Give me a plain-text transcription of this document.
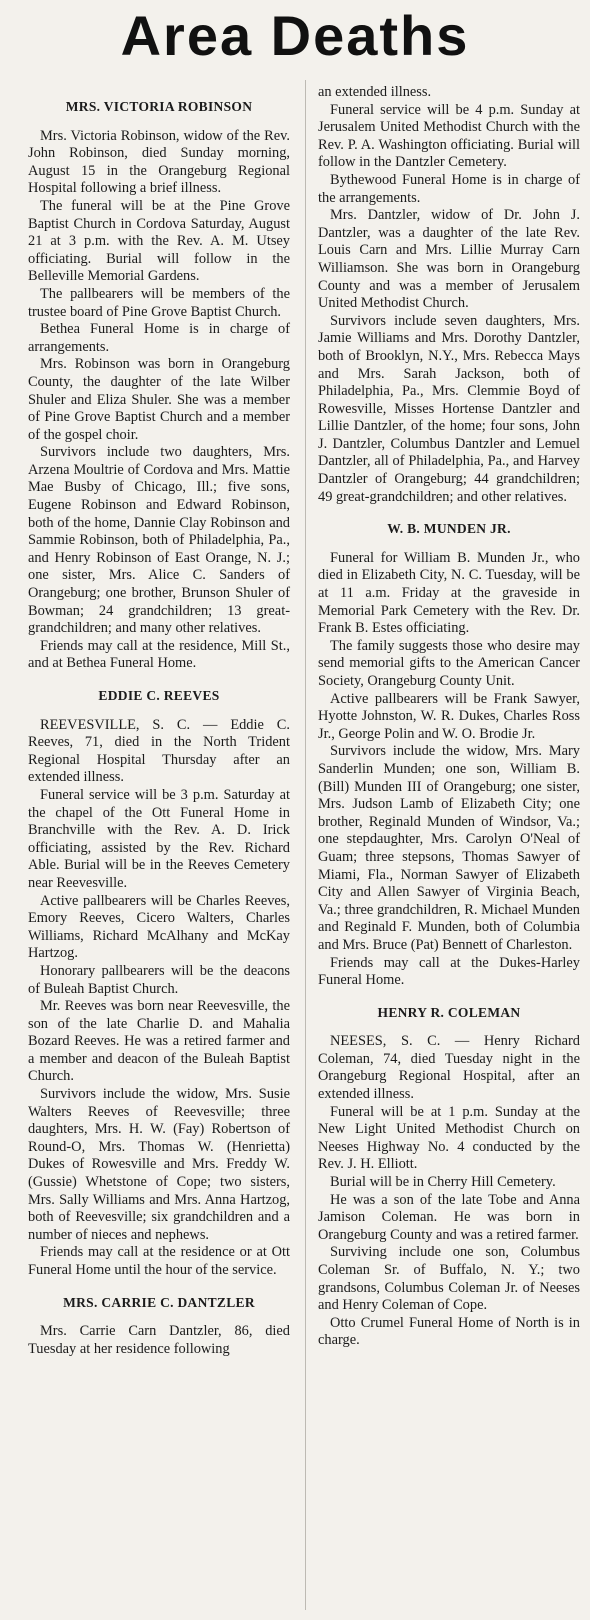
Area Deaths
MRS. VICTORIA ROBINSON

Mrs. Victoria Robinson, widow of the Rev. John Robinson, died Sunday morning, August 15 in the Orangeburg Regional Hospital following a brief illness.

The funeral will be at the Pine Grove Baptist Church in Cordova Saturday, August 21 at 3 p.m. with the Rev. A. M. Utsey officiating. Burial will follow in the Belleville Memorial Gardens.

The pallbearers will be members of the trustee board of Pine Grove Baptist Church.

Bethea Funeral Home is in charge of arrangements.

Mrs. Robinson was born in Orangeburg County, the daughter of the late Wilber Shuler and Eliza Shuler. She was a member of Pine Grove Baptist Church and a member of the gospel choir.

Survivors include two daughters, Mrs. Arzena Moultrie of Cordova and Mrs. Mattie Mae Busby of Chicago, Ill.; five sons, Eugene Robinson and Edward Robinson, both of the home, Dannie Clay Robinson and Sammie Robinson, both of Philadelphia, Pa., and Henry Robinson of East Orange, N. J.; one sister, Mrs. Alice C. Sanders of Orangeburg; one brother, Brunson Shuler of Bowman; 24 grandchildren; 13 great-grandchildren; and many other relatives.

Friends may call at the residence, Mill St., and at Bethea Funeral Home.

EDDIE C. REEVES

REEVESVILLE, S. C. — Eddie C. Reeves, 71, died in the North Trident Regional Hospital Thursday after an extended illness.

Funeral service will be 3 p.m. Saturday at the chapel of the Ott Funeral Home in Branchville with the Rev. A. D. Irick officiating, assisted by the Rev. Richard Able. Burial will be in the Reeves Cemetery near Reevesville.

Active pallbearers will be Charles Reeves, Emory Reeves, Cicero Walters, Charles Williams, Richard McAlhany and McKay Hartzog.

Honorary pallbearers will be the deacons of Buleah Baptist Church.

Mr. Reeves was born near Reevesville, the son of the late Charlie D. and Mahalia Bozard Reeves. He was a retired farmer and a member and deacon of the Buleah Baptist Church.

Survivors include the widow, Mrs. Susie Walters Reeves of Reevesville; three daughters, Mrs. H. W. (Fay) Robertson of Round-O, Mrs. Thomas W. (Henrietta) Dukes of Rowesville and Mrs. Freddy W. (Gussie) Whetstone of Cope; two sisters, Mrs. Sally Williams and Mrs. Anna Hartzog, both of Reevesville; six grandchildren and a number of nieces and nephews.

Friends may call at the residence or at Ott Funeral Home until the hour of the service.

MRS. CARRIE C. DANTZLER

Mrs. Carrie Carn Dantzler, 86, died Tuesday at her residence following

an extended illness.

Funeral service will be 4 p.m. Sunday at Jerusalem United Methodist Church with the Rev. P. A. Washington officiating. Burial will follow in the Dantzler Cemetery.

Bythewood Funeral Home is in charge of the arrangements.

Mrs. Dantzler, widow of Dr. John J. Dantzler, was a daughter of the late Rev. Louis Carn and Mrs. Lillie Murray Carn Williamson. She was born in Orangeburg County and was a member of Jerusalem United Methodist Church.

Survivors include seven daughters, Mrs. Jamie Williams and Mrs. Dorothy Dantzler, both of Brooklyn, N.Y., Mrs. Rebecca Mays and Mrs. Sarah Jackson, both of Philadelphia, Pa., Mrs. Clemmie Boyd of Rowesville, Misses Hortense Dantzler and Lillie Dantzler, of the home; four sons, John J. Dantzler, Columbus Dantzler and Lemuel Dantzler, all of Philadelphia, Pa., and Harvey Dantzler of Orangeburg; 44 grandchildren; 49 great-grandchildren; and other relatives.

W. B. MUNDEN JR.

Funeral for William B. Munden Jr., who died in Elizabeth City, N. C. Tuesday, will be at 11 a.m. Friday at the graveside in Memorial Park Cemetery with the Rev. Dr. Frank B. Estes officiating.

The family suggests those who desire may send memorial gifts to the American Cancer Society, Orangeburg County Unit.

Active pallbearers will be Frank Sawyer, Hyotte Johnston, W. R. Dukes, Charles Ross Jr., George Polin and W. O. Brodie Jr.

Survivors include the widow, Mrs. Mary Sanderlin Munden; one son, William B. (Bill) Munden III of Orangeburg; one sister, Mrs. Judson Lamb of Elizabeth City; one brother, Reginald Munden of Windsor, Va.; one stepdaughter, Mrs. Carolyn O'Neal of Guam; three stepsons, Thomas Sawyer of Miami, Fla., Norman Sawyer of Elizabeth City and Allen Sawyer of Virginia Beach, Va.; three grandchildren, R. Michael Munden and Reginald F. Munden, both of Columbia and Mrs. Bruce (Pat) Bennett of Charleston.

Friends may call at the Dukes-Harley Funeral Home.

HENRY R. COLEMAN

NEESES, S. C. — Henry Richard Coleman, 74, died Tuesday night in the Orangeburg Regional Hospital, after an extended illness.

Funeral will be at 1 p.m. Sunday at the New Light United Methodist Church on Neeses Highway No. 4 conducted by the Rev. J. H. Elliott.

Burial will be in Cherry Hill Cemetery.

He was a son of the late Tobe and Anna Jamison Coleman. He was born in Orangeburg County and was a retired farmer.

Surviving include one son, Columbus Coleman Sr. of Buffalo, N. Y.; two grandsons, Columbus Coleman Jr. of Neeses and Henry Coleman of Cope.

Otto Crumel Funeral Home of North is in charge.
